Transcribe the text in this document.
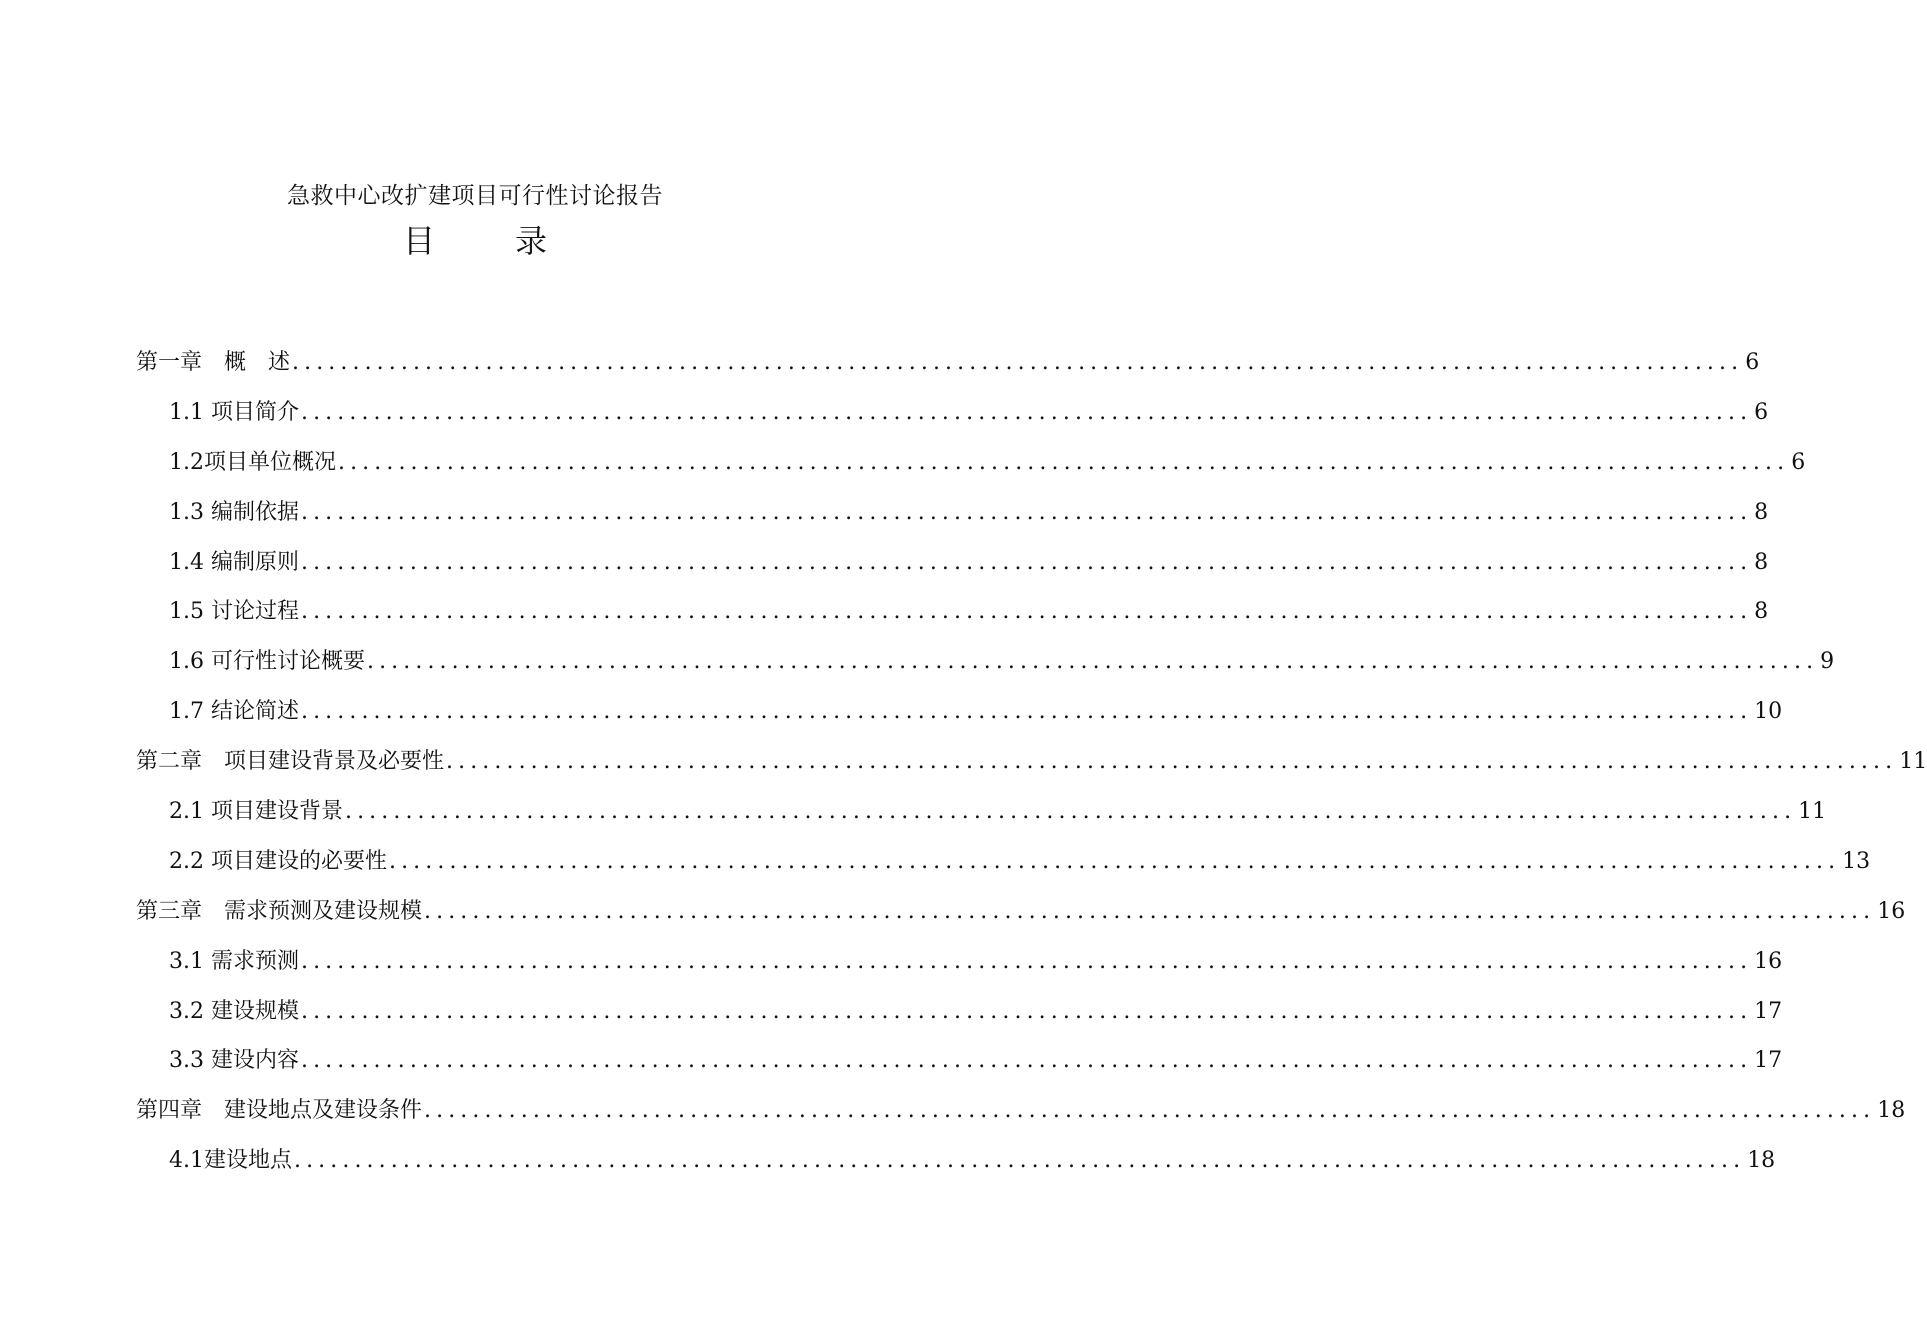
急救中心改扩建项目可行性讨论报告
目	录
第一章　概　述 ........................................................................................................................ 6
1.1 项目简介 ........................................................................................................................ 6
1.2项目单位概况 ........................................................................................................................ 6
1.3 编制依据 ........................................................................................................................ 8
1.4 编制原则 ........................................................................................................................ 8
1.5 讨论过程 ........................................................................................................................ 8
1.6 可行性讨论概要 ........................................................................................................................ 9
1.7 结论简述 ........................................................................................................................ 10
第二章　项目建设背景及必要性 ........................................................................................................................ 11
2.1 项目建设背景 ........................................................................................................................ 11
2.2 项目建设的必要性 ........................................................................................................................ 13
第三章　需求预测及建设规模 ........................................................................................................................ 16
3.1 需求预测 ........................................................................................................................ 16
3.2 建设规模 ........................................................................................................................ 17
3.3 建设内容 ........................................................................................................................ 17
第四章　建设地点及建设条件 ........................................................................................................................ 18
4.1建设地点 ........................................................................................................................ 18
